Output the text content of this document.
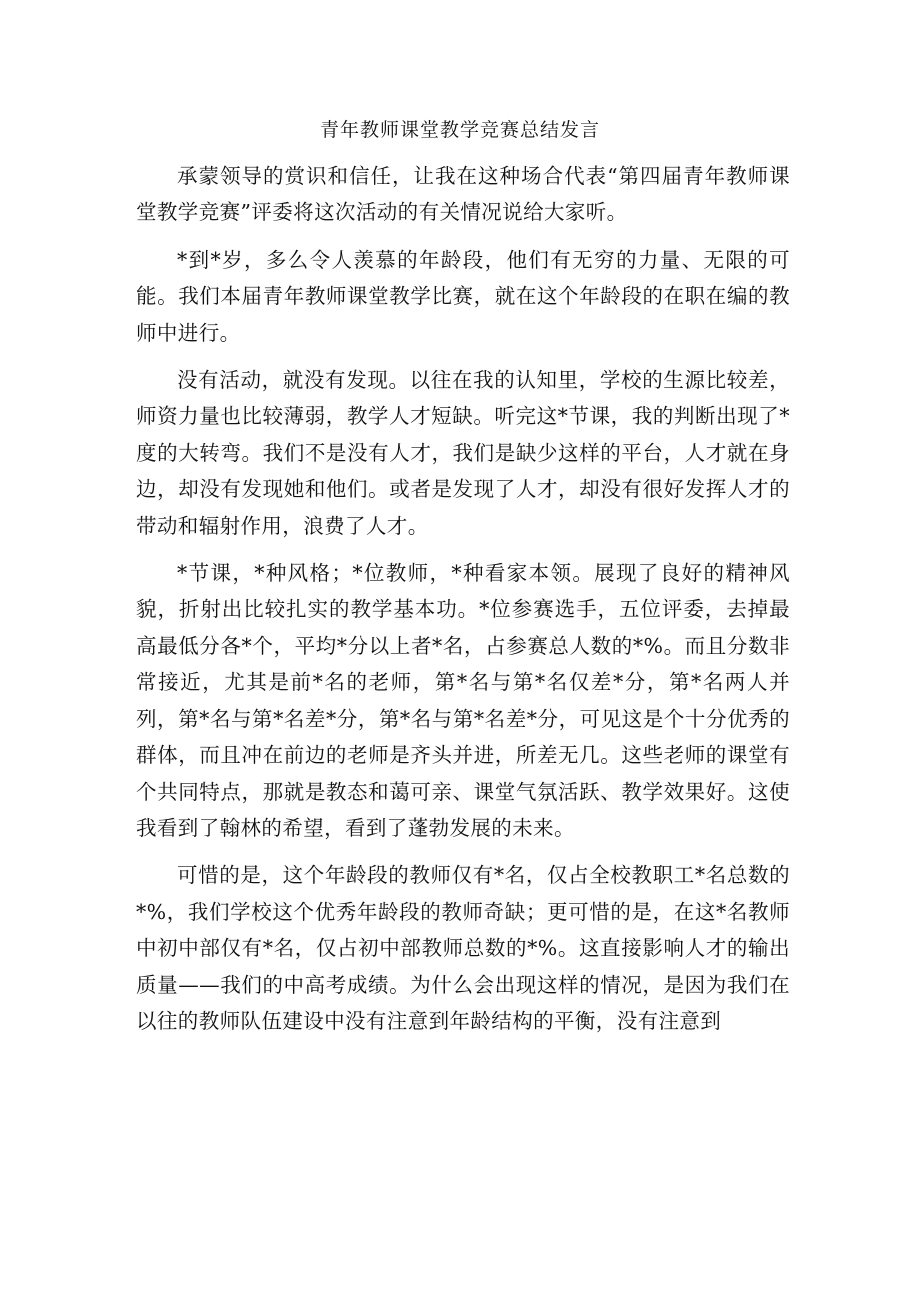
青年教师课堂教学竞赛总结发言

承蒙领导的赏识和信任，让我在这种场合代表“第四届青年教师课堂教学竞赛”评委将这次活动的有关情况说给大家听。

*到*岁，多么令人羡慕的年龄段，他们有无穷的力量、无限的可能。我们本届青年教师课堂教学比赛，就在这个年龄段的在职在编的教师中进行。

没有活动，就没有发现。以往在我的认知里，学校的生源比较差，师资力量也比较薄弱，教学人才短缺。听完这*节课，我的判断出现了*度的大转弯。我们不是没有人才，我们是缺少这样的平台，人才就在身边，却没有发现她和他们。或者是发现了人才，却没有很好发挥人才的带动和辐射作用，浪费了人才。

*节课，*种风格；*位教师，*种看家本领。展现了良好的精神风貌，折射出比较扎实的教学基本功。*位参赛选手，五位评委，去掉最高最低分各*个，平均*分以上者*名，占参赛总人数的*%。而且分数非常接近，尤其是前*名的老师，第*名与第*名仅差*分，第*名两人并列，第*名与第*名差*分，第*名与第*名差*分，可见这是个十分优秀的群体，而且冲在前边的老师是齐头并进，所差无几。这些老师的课堂有个共同特点，那就是教态和蔼可亲、课堂气氛活跃、教学效果好。这使我看到了翰林的希望，看到了蓬勃发展的未来。

可惜的是，这个年龄段的教师仅有*名，仅占全校教职工*名总数的*%，我们学校这个优秀年龄段的教师奇缺；更可惜的是，在这*名教师中初中部仅有*名，仅占初中部教师总数的*%。这直接影响人才的输出质量——我们的中高考成绩。为什么会出现这样的情况，是因为我们在以往的教师队伍建设中没有注意到年龄结构的平衡，没有注意到
